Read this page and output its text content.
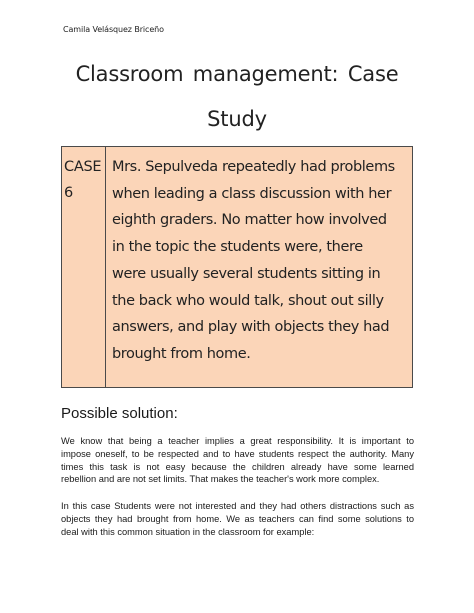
Camila Velásquez Briceño
Classroom management: Case
Study
CASE
6
Mrs. Sepulveda repeatedly had problems
when leading a class discussion with her
eighth graders. No matter how involved
in the topic the students were, there
were usually several students sitting in
the back who would talk, shout out silly
answers, and play with objects they had
brought from home.
Possible solution:
We know that being a teacher implies a great responsibility. It is important to
impose oneself, to be respected and to have students respect the authority. Many
times this task is not easy because the children already have some learned
rebellion and are not set limits. That makes the teacher's work more complex.
In this case Students were not interested and they had others distractions such as
objects they had brought from home. We as teachers can find some solutions to
deal with this common situation in the classroom for example:
